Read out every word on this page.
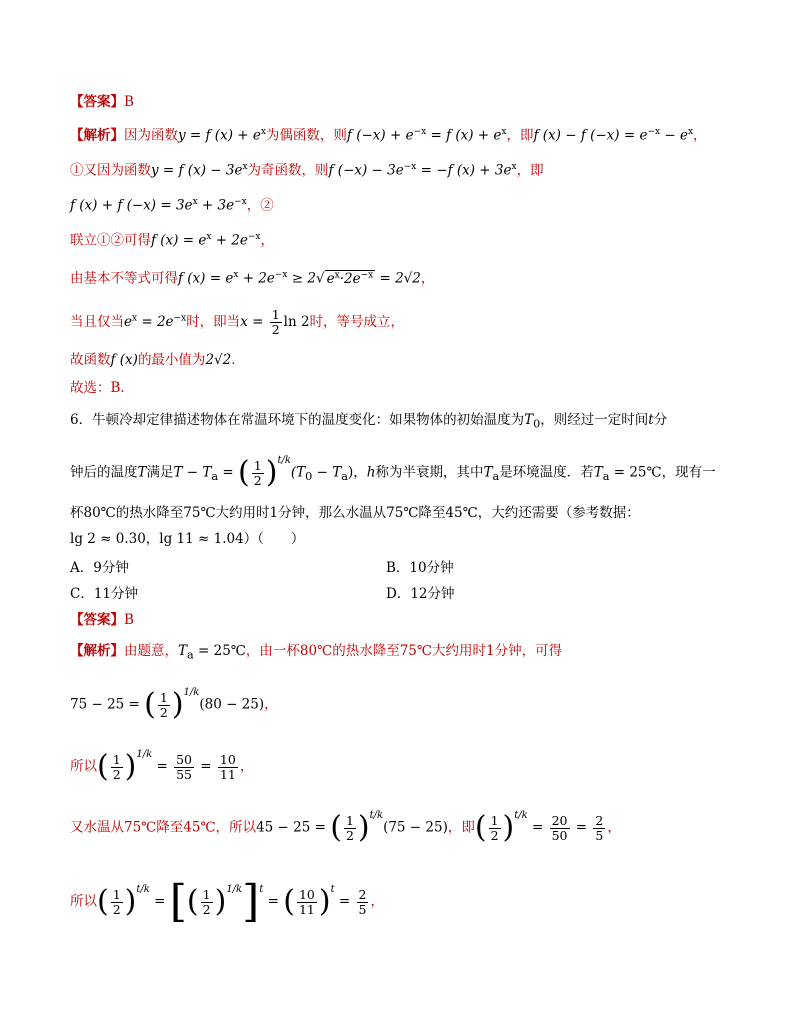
【答案】B
【解析】因为函数y = f $(x) + e^x$为偶函数，则f $(-x) + e^{-x} = f$ $(x) + e^x$，即f (x) − f $(-x) = e^{-x} - e^x$，
①又因为函数y = f $(x) - 3e^x$为奇函数，则f $(-x) - 3e^{-x} = -f$ $(x) + 3e^x$，即
f (x) + f $(-x) = 3e^x + 3e^{-x}$，②
联立①②可得f $(x) = e^x + 2e^{-x}$，
由基本不等式可得f $(x) = e^x + 2e^{-x} \ge 2√$ $e^x\cdot 2e^{-x} = 2√2$，
当且仅当$e^x = 2e^{-x}$时，即当$x = \frac{1}{2}$ ln 2时，等号成立，
故函数f (x)的最小值为2√2．
故选：B.
6．牛顿冷却定律描述物体在常温环境下的温度变化：如果物体的初始温度为$T_0$，则经过一定时间t分
钟后的温度T满足$T - T_a$ = ( $\frac{1}{2} )^{t/k}(T_0 - T_a)$，h称为半衰期，其中$T_a$是环境温度．若$T_a$ = 25℃，现有一
杯80℃的热水降至75℃大约用时1分钟，那么水温从75℃降至45℃，大约还需要（参考数据：
lg 2 ≈ 0.30，lg 11 ≈ 1.04）（　　）
A．9分钟	B．10分钟
C．11分钟	D．12分钟
【答案】B
【解析】由题意，$T_a$ = 25℃，由一杯80℃的热水降至75℃大约用时1分钟，可得
75 − 25 = ( $\frac{1}{2} )^{1/k}(80 - 25)$，
所以( $\frac{1}{2} )^{1/k} = \frac{50}{55} = \frac{10}{11}$ ，
又水温从75℃降至45℃，所以45 − 25 = ( $\frac{1}{2} )^{t/k}(75 - 25)$，即( $\frac{1}{2} )^{t/k} = \frac{20}{50} = \frac{2}{5}$ ，
所以( $\frac{1}{2} )^{t/k}$ = [( $\frac{1}{2} )^{1/k}]^t$ = ( $\frac{10}{11} )^t = \frac{2}{5}$ ，
